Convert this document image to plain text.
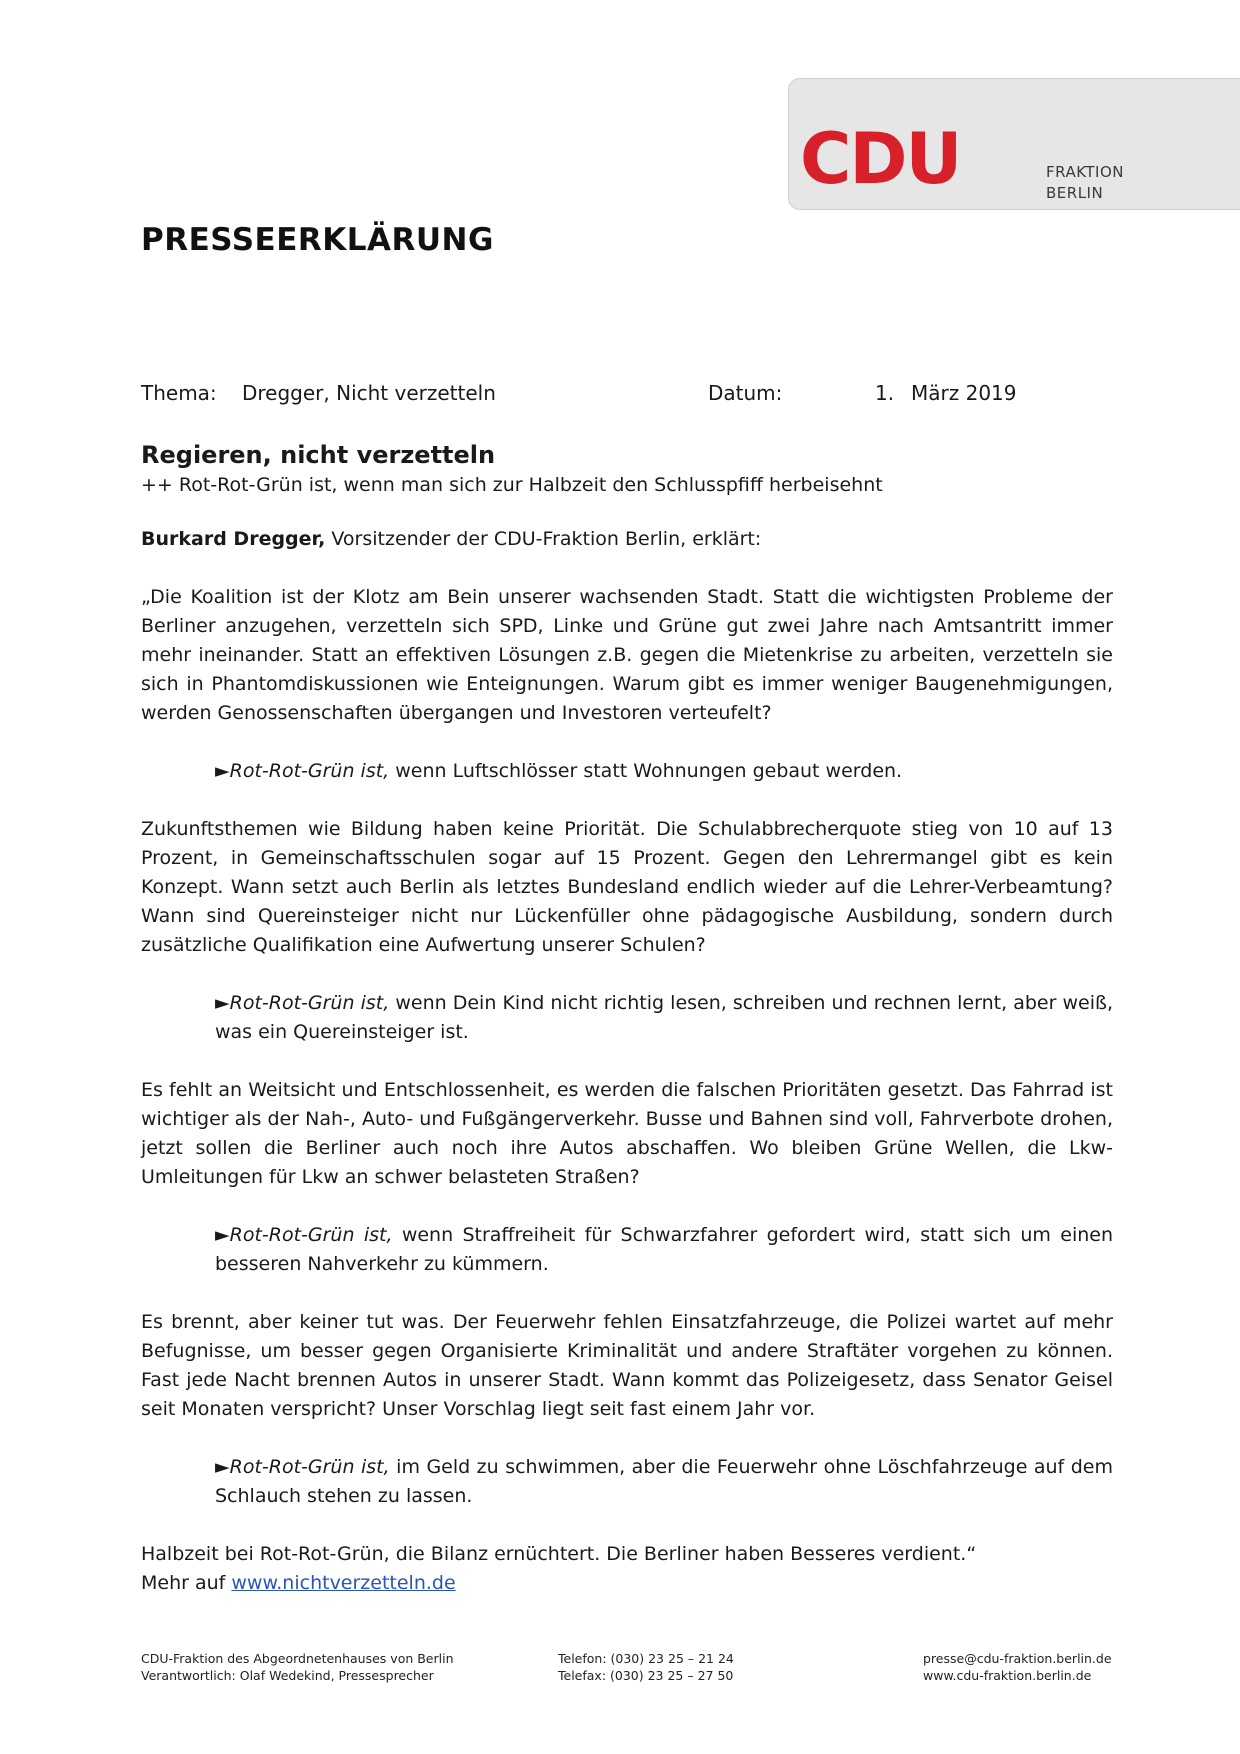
CDU	FRAKTION
BERLIN
PRESSEERKLÄRUNG
Thema: Dregger, Nicht verzetteln	Datum:	1. März 2019

Regieren, nicht verzetteln

++ Rot-Rot-Grün ist, wenn man sich zur Halbzeit den Schlusspfiff herbeisehnt

Burkard Dregger, Vorsitzender der CDU-Fraktion Berlin, erklärt:

„Die Koalition ist der Klotz am Bein unserer wachsenden Stadt. Statt die wichtigsten Probleme der Berliner anzugehen, verzetteln sich SPD, Linke und Grüne gut zwei Jahre nach Amtsantritt immer mehr ineinander. Statt an effektiven Lösungen z.B. gegen die Mietenkrise zu arbeiten, verzetteln sie sich in Phantomdiskussionen wie Enteignungen. Warum gibt es immer weniger Baugenehmigungen, werden Genossenschaften übergangen und Investoren verteufelt?

►Rot-Rot-Grün ist, wenn Luftschlösser statt Wohnungen gebaut werden.

Zukunftsthemen wie Bildung haben keine Priorität. Die Schulabbrecherquote stieg von 10 auf 13 Prozent, in Gemeinschaftsschulen sogar auf 15 Prozent. Gegen den Lehrermangel gibt es kein Konzept. Wann setzt auch Berlin als letztes Bundesland endlich wieder auf die Lehrer-Verbeamtung? Wann sind Quereinsteiger nicht nur Lückenfüller ohne pädagogische Ausbildung, sondern durch zusätzliche Qualifikation eine Aufwertung unserer Schulen?

►Rot-Rot-Grün ist, wenn Dein Kind nicht richtig lesen, schreiben und rechnen lernt, aber weiß, was ein Quereinsteiger ist.

Es fehlt an Weitsicht und Entschlossenheit, es werden die falschen Prioritäten gesetzt. Das Fahrrad ist wichtiger als der Nah-, Auto- und Fußgängerverkehr. Busse und Bahnen sind voll, Fahrverbote drohen, jetzt sollen die Berliner auch noch ihre Autos abschaffen. Wo bleiben Grüne Wellen, die Lkw-Umleitungen für Lkw an schwer belasteten Straßen?

►Rot-Rot-Grün ist, wenn Straffreiheit für Schwarzfahrer gefordert wird, statt sich um einen besseren Nahverkehr zu kümmern.

Es brennt, aber keiner tut was. Der Feuerwehr fehlen Einsatzfahrzeuge, die Polizei wartet auf mehr Befugnisse, um besser gegen Organisierte Kriminalität und andere Straftäter vorgehen zu können. Fast jede Nacht brennen Autos in unserer Stadt. Wann kommt das Polizeigesetz, dass Senator Geisel seit Monaten verspricht? Unser Vorschlag liegt seit fast einem Jahr vor.

►Rot-Rot-Grün ist, im Geld zu schwimmen, aber die Feuerwehr ohne Löschfahrzeuge auf dem Schlauch stehen zu lassen.

Halbzeit bei Rot-Rot-Grün, die Bilanz ernüchtert. Die Berliner haben Besseres verdient.“

Mehr auf www.nichtverzetteln.de

CDU-Fraktion des Abgeordnetenhauses von Berlin
Verantwortlich: Olaf Wedekind, Pressesprecher
Telefon: (030) 23 25 – 21 24
Telefax: (030) 23 25 – 27 50
presse@cdu-fraktion.berlin.de
www.cdu-fraktion.berlin.de
